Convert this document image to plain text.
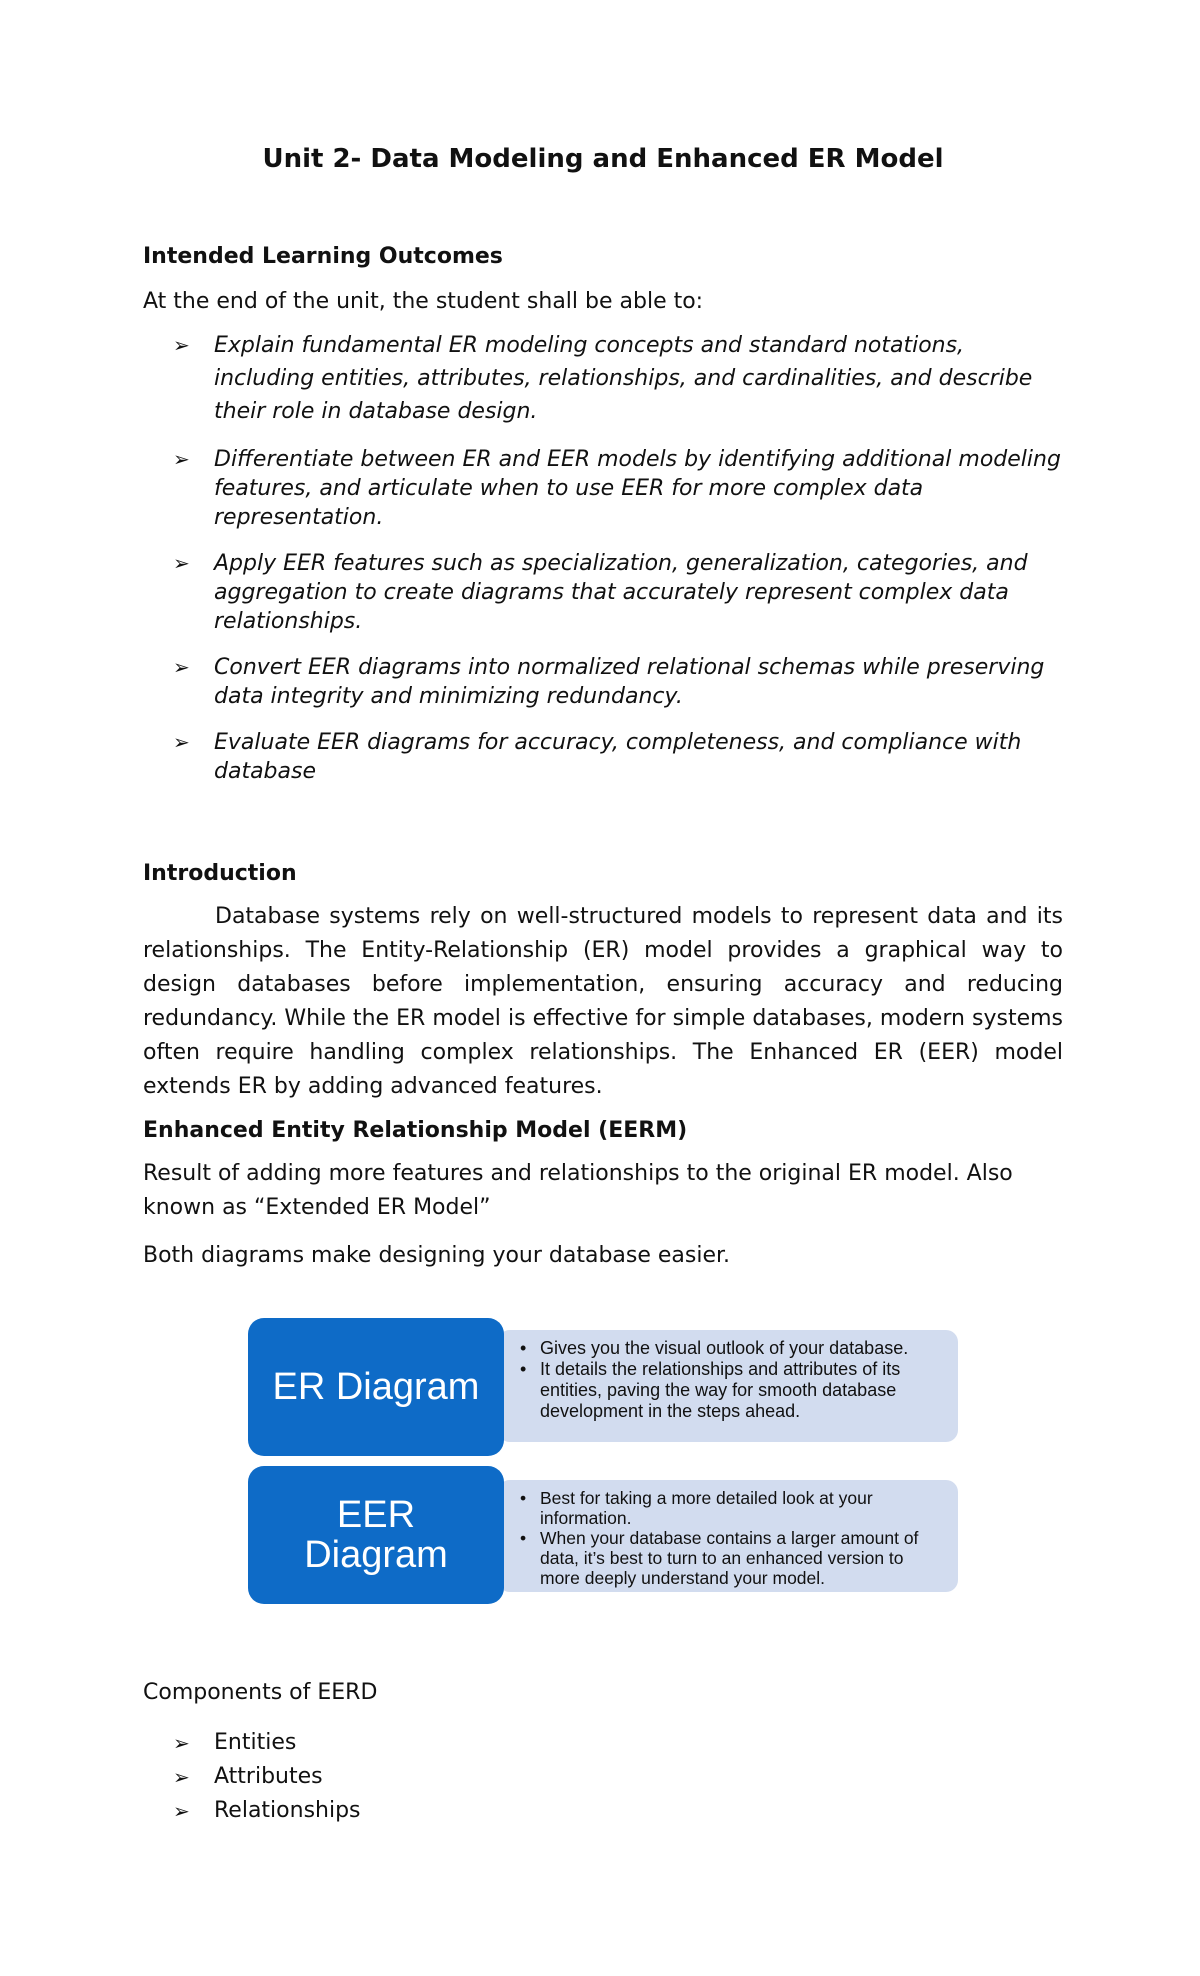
Unit 2- Data Modeling and Enhanced ER Model
Intended Learning Outcomes

At the end of the unit, the student shall be able to:

➢ Explain fundamental ER modeling concepts and standard notations, including entities, attributes, relationships, and cardinalities, and describe their role in database design.
➢ Differentiate between ER and EER models by identifying additional modeling features, and articulate when to use EER for more complex data representation.
➢ Apply EER features such as specialization, generalization, categories, and aggregation to create diagrams that accurately represent complex data relationships.
➢ Convert EER diagrams into normalized relational schemas while preserving data integrity and minimizing redundancy.
➢ Evaluate EER diagrams for accuracy, completeness, and compliance with database
Introduction

Database systems rely on well-structured models to represent data and its relationships. The Entity-Relationship (ER) model provides a graphical way to design databases before implementation, ensuring accuracy and reducing redundancy. While the ER model is effective for simple databases, modern systems often require handling complex relationships. The Enhanced ER (EER) model extends ER by adding advanced features.

Enhanced Entity Relationship Model (EERM)

Result of adding more features and relationships to the original ER model. Also known as “Extended ER Model”

Both diagrams make designing your database easier.

ER Diagram
• Gives you the visual outlook of your database.
• It details the relationships and attributes of its entities, paving the way for smooth database development in the steps ahead.
EER
Diagram
• Best for taking a more detailed look at your information.
• When your database contains a larger amount of data, it’s best to turn to an enhanced version to more deeply understand your model.

Components of EERD

➢ Entities
➢ Attributes
➢ Relationships
